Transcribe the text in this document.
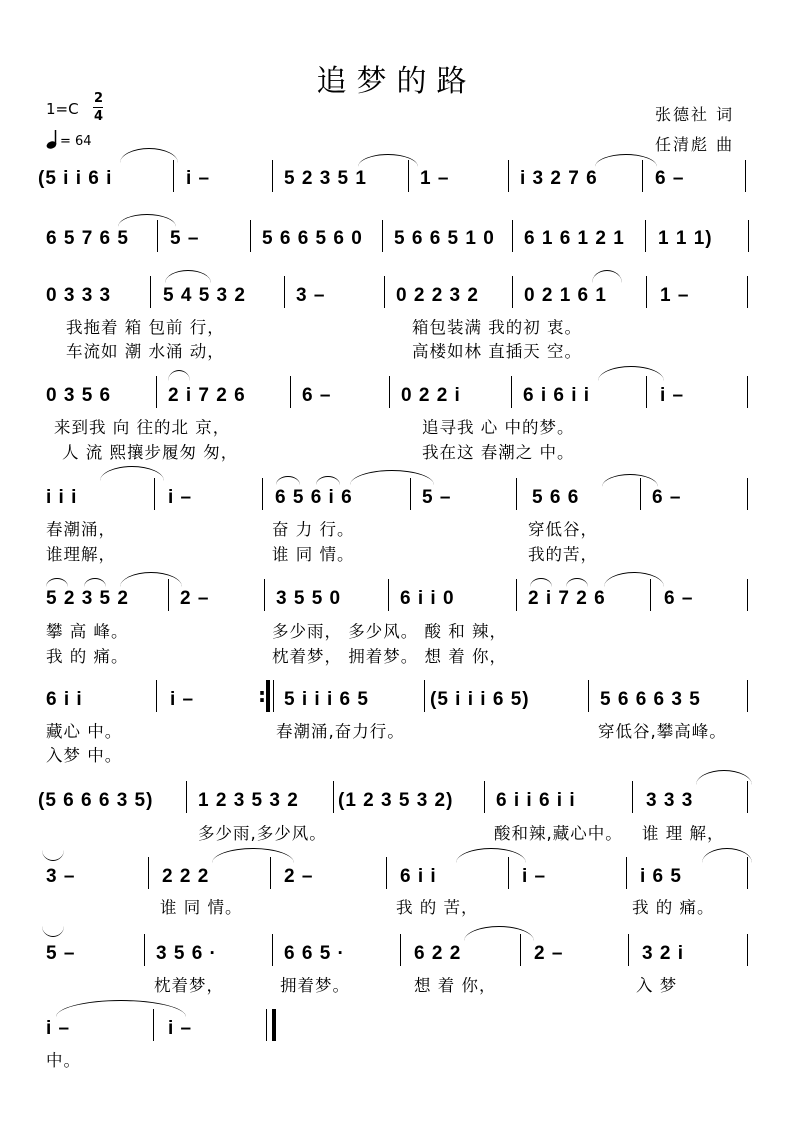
追梦的路
1=C
2
4
= 64
张德社 词
任清彪 曲
(5 i i 6 i	i –	5 2 3 5 1	1 –	i 3 2 7 6	6 –
6 5 7 6 5 5 –	5 6 6 5 6 0 5 6 6 5 1 0 6 1 6 1 2 1 1 1 1)
0 3 3 3	5 4 5 3 2	3 –	0 2 2 3 2 0 2 1 6 1	1 –
我拖着 箱 包前 行，	箱包装满 我的初 衷。
车流如 潮 水涌 动，	高楼如林 直插天 空。
0 3 5 6	2 i 7 2 6	6 –	0 2 2 i	6 i 6 i i	i –
来到我 向 往的北 京，	追寻我 心 中的梦。
人 流 熙攘步履匆 匆，	我在这 春潮之 中。
i i i	i –	6 5 6 i 6	5 –	5 6 6	6 –
春潮涌，	奋 力 行。	穿低谷，
谁理解，	谁 同 情。	我的苦，
5 2 3 5 2	2 –	3 5 5 0	6 i i 0	2 i 7 2 6	6 –
攀 高 峰。	多少雨， 多少风。 酸 和 辣，
我 的 痛。	枕着梦， 拥着梦。 想 着 你，
6 i i	i –	: 5 i i i 6 5	(5 i i i 6 5)	5 6 6 6 3 5
藏心 中。	春潮涌,奋力行。	穿低谷,攀高峰。
入梦 中。
(5 6 6 6 3 5) 1 2 3 5 3 2 (1 2 3 5 3 2) 6 i i 6 i i	3 3 3
多少雨,多少风。	酸和辣,藏心中。 谁 理 解，
3 –	2 2 2	2 –	6 i i	i –	i 6 5
谁 同 情。	我 的 苦，	我 的 痛。
5 –	3 5 6 ·	6 6 5 ·	6 2 2	2 –	3 2 i
枕着梦，	拥着梦。	想 着 你，	入 梦
i –	i –
中。
